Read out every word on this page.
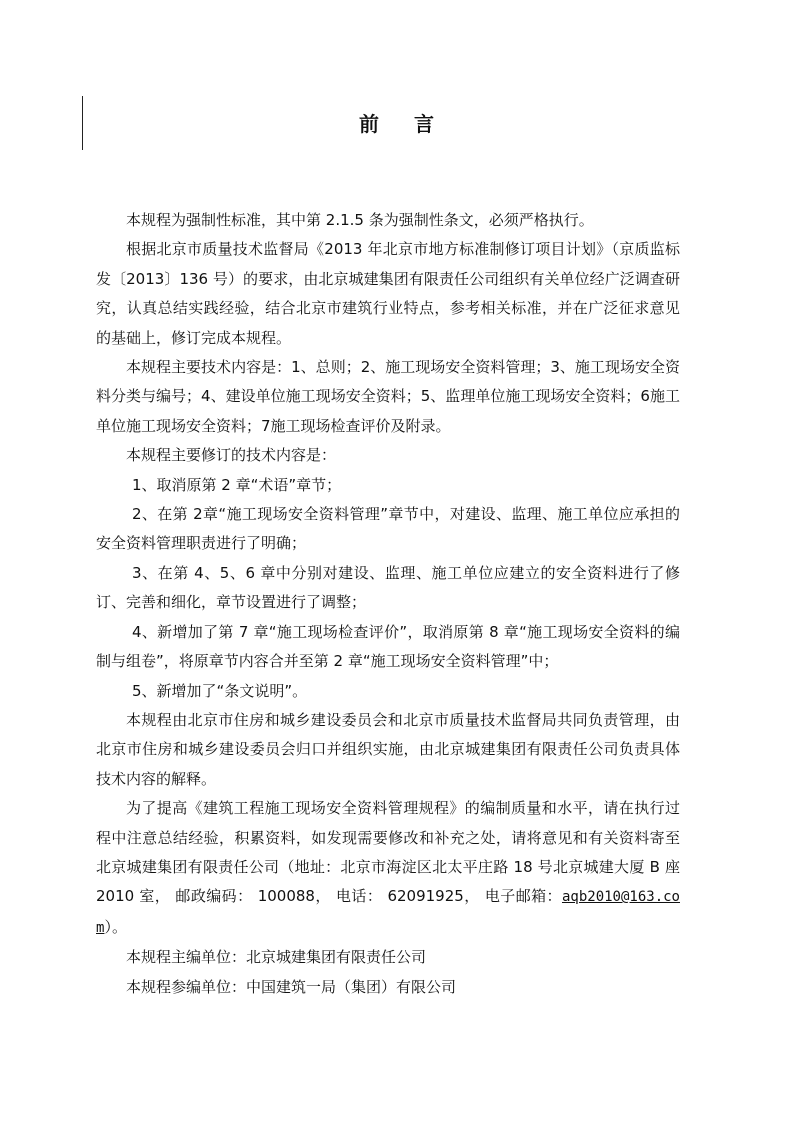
前 言

本规程为强制性标准，其中第 2.1.5 条为强制性条文，必须严格执行。

根据北京市质量技术监督局《2013 年北京市地方标准制修订项目计划》（京质监标发〔2013〕136 号）的要求，由北京城建集团有限责任公司组织有关单位经广泛调查研究，认真总结实践经验，结合北京市建筑行业特点，参考相关标准，并在广泛征求意见的基础上，修订完成本规程。

本规程主要技术内容是：1、总则；2、施工现场安全资料管理；3、施工现场安全资料分类与编号；4、建设单位施工现场安全资料；5、监理单位施工现场安全资料；6施工单位施工现场安全资料；7施工现场检查评价及附录。

本规程主要修订的技术内容是：

1、取消原第 2 章“术语”章节；

2、在第 2章“施工现场安全资料管理”章节中，对建设、监理、施工单位应承担的安全资料管理职责进行了明确；

3、在第 4、5、6 章中分别对建设、监理、施工单位应建立的安全资料进行了修订、完善和细化，章节设置进行了调整；

4、新增加了第 7 章“施工现场检查评价”，取消原第 8 章“施工现场安全资料的编制与组卷”，将原章节内容合并至第 2 章“施工现场安全资料管理”中；

5、新增加了“条文说明”。

本规程由北京市住房和城乡建设委员会和北京市质量技术监督局共同负责管理，由北京市住房和城乡建设委员会归口并组织实施，由北京城建集团有限责任公司负责具体技术内容的解释。

为了提高《建筑工程施工现场安全资料管理规程》的编制质量和水平，请在执行过程中注意总结经验，积累资料，如发现需要修改和补充之处，请将意见和有关资料寄至北京城建集团有限责任公司（地址：北京市海淀区北太平庄路 18 号北京城建大厦 B 座 2010 室， 邮政编码： 100088， 电话： 62091925， 电子邮箱：aqb2010@163.com）。

本规程主编单位：北京城建集团有限责任公司

本规程参编单位：中国建筑一局（集团）有限公司
